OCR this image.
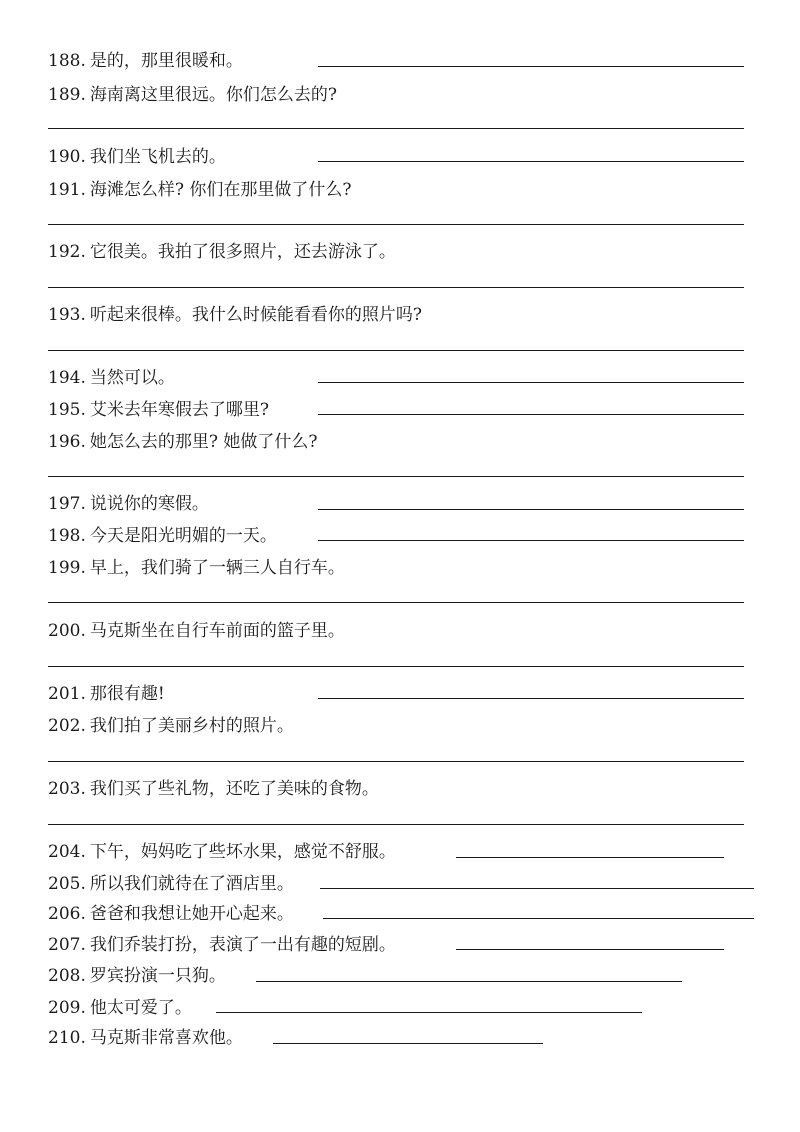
188. 是的，那里很暖和。
189. 海南离这里很远。你们怎么去的?
190. 我们坐飞机去的。
191. 海滩怎么样? 你们在那里做了什么?
192. 它很美。我拍了很多照片，还去游泳了。
193. 听起来很棒。我什么时候能看看你的照片吗?
194. 当然可以。
195. 艾米去年寒假去了哪里?
196. 她怎么去的那里? 她做了什么?
197. 说说你的寒假。
198. 今天是阳光明媚的一天。
199. 早上，我们骑了一辆三人自行车。
200. 马克斯坐在自行车前面的篮子里。
201. 那很有趣!
202. 我们拍了美丽乡村的照片。
203. 我们买了些礼物，还吃了美味的食物。
204. 下午，妈妈吃了些坏水果，感觉不舒服。
205. 所以我们就待在了酒店里。
206. 爸爸和我想让她开心起来。
207. 我们乔装打扮，表演了一出有趣的短剧。
208. 罗宾扮演一只狗。
209. 他太可爱了。
210. 马克斯非常喜欢他。
